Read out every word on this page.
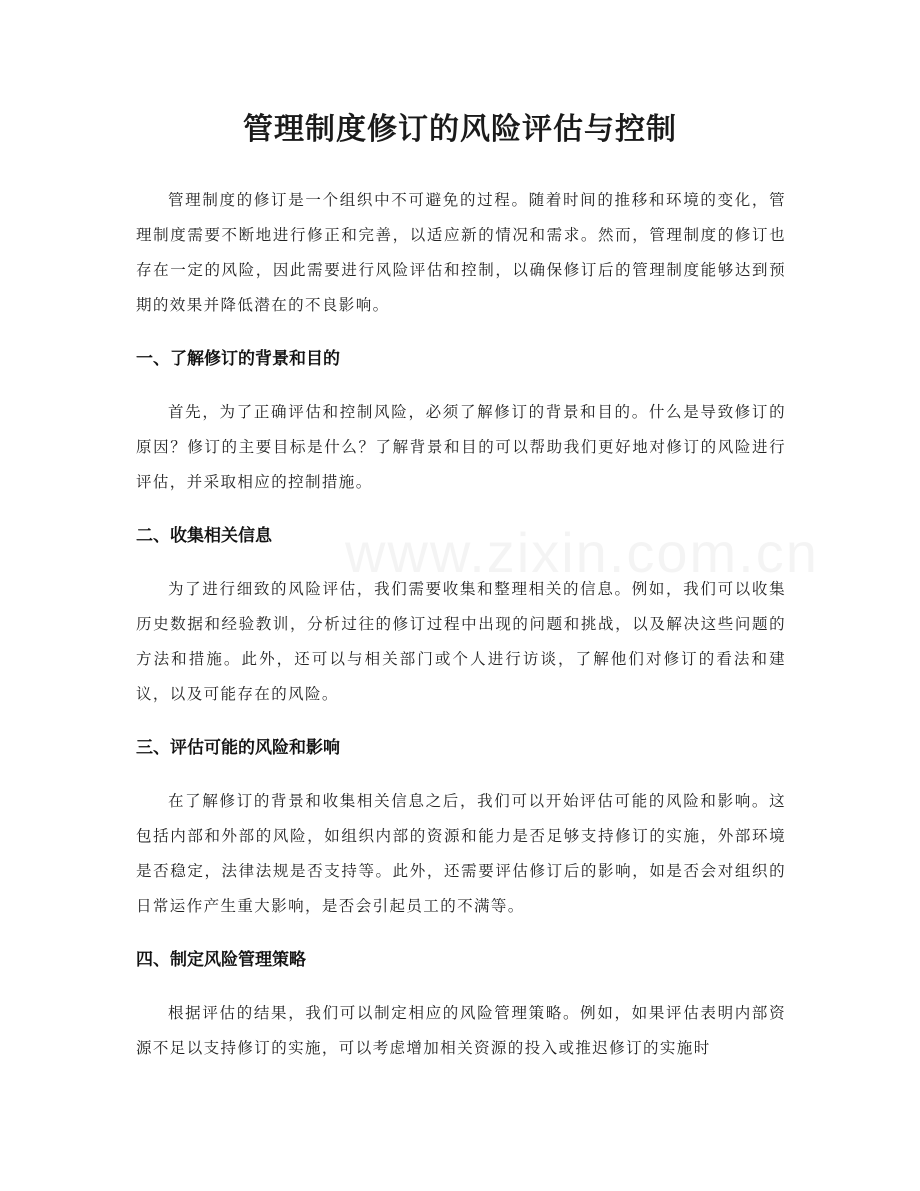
管理制度修订的风险评估与控制

管理制度的修订是一个组织中不可避免的过程。随着时间的推移和环境的变化，管理制度需要不断地进行修正和完善，以适应新的情况和需求。然而，管理制度的修订也存在一定的风险，因此需要进行风险评估和控制，以确保修订后的管理制度能够达到预期的效果并降低潜在的不良影响。

一、了解修订的背景和目的

首先，为了正确评估和控制风险，必须了解修订的背景和目的。什么是导致修订的原因？修订的主要目标是什么？了解背景和目的可以帮助我们更好地对修订的风险进行评估，并采取相应的控制措施。

二、收集相关信息

为了进行细致的风险评估，我们需要收集和整理相关的信息。例如，我们可以收集历史数据和经验教训，分析过往的修订过程中出现的问题和挑战，以及解决这些问题的方法和措施。此外，还可以与相关部门或个人进行访谈，了解他们对修订的看法和建议，以及可能存在的风险。

三、评估可能的风险和影响

在了解修订的背景和收集相关信息之后，我们可以开始评估可能的风险和影响。这包括内部和外部的风险，如组织内部的资源和能力是否足够支持修订的实施，外部环境是否稳定，法律法规是否支持等。此外，还需要评估修订后的影响，如是否会对组织的日常运作产生重大影响，是否会引起员工的不满等。

四、制定风险管理策略

根据评估的结果，我们可以制定相应的风险管理策略。例如，如果评估表明内部资源不足以支持修订的实施，可以考虑增加相关资源的投入或推迟修订的实施时
